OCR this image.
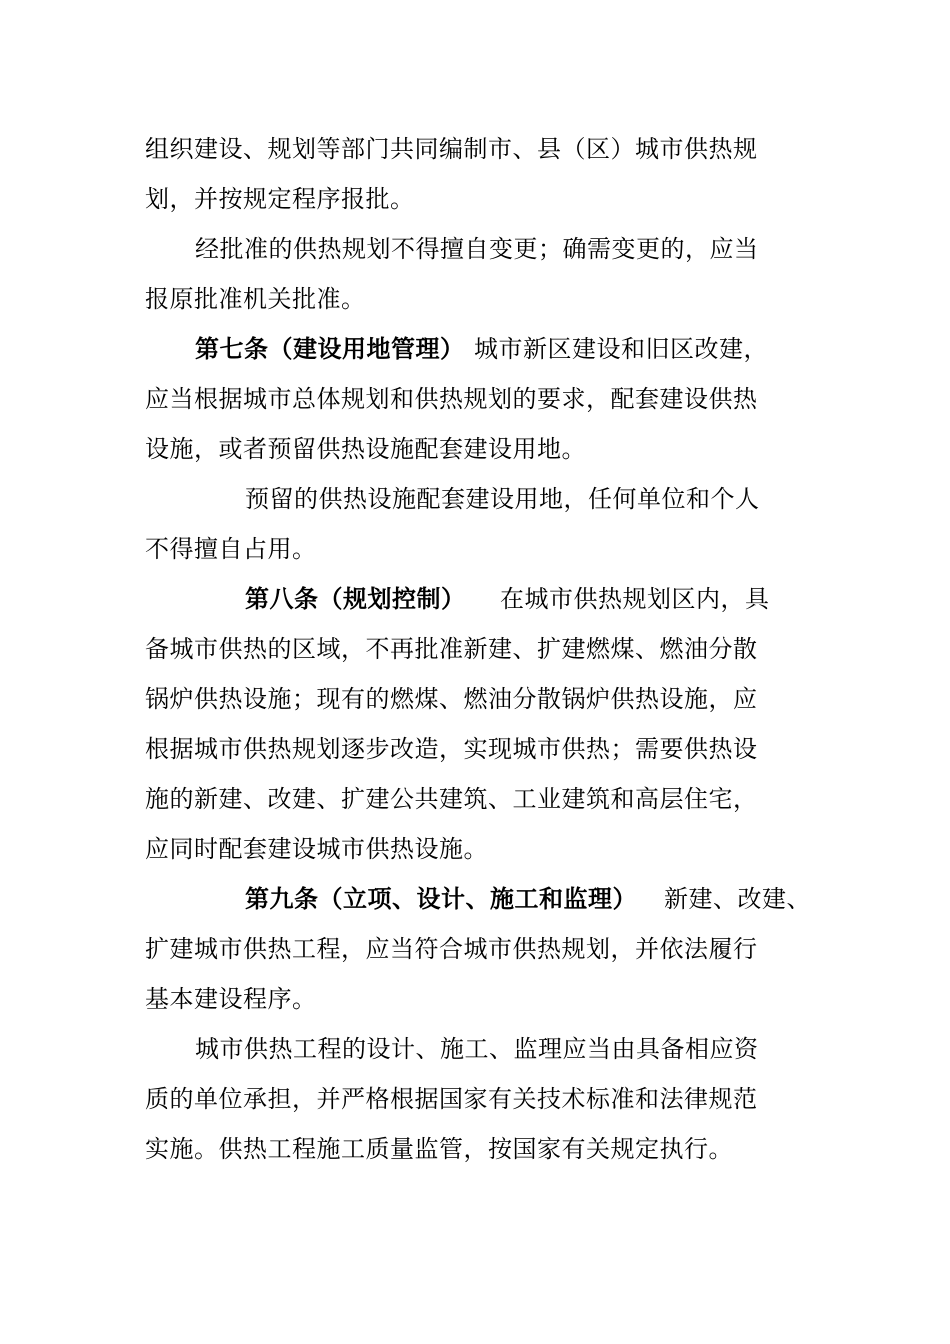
组织建设、规划等部门共同编制市、县（区）城市供热规
划，并按规定程序报批。
经批准的供热规划不得擅自变更；确需变更的，应当
报原批准机关批准。
第七条（建设用地管理） 城市新区建设和旧区改建，
应当根据城市总体规划和供热规划的要求，配套建设供热
设施，或者预留供热设施配套建设用地。
预留的供热设施配套建设用地，任何单位和个人
不得擅自占用。
第八条（规划控制） 在城市供热规划区内，具
备城市供热的区域，不再批准新建、扩建燃煤、燃油分散
锅炉供热设施；现有的燃煤、燃油分散锅炉供热设施，应
根据城市供热规划逐步改造，实现城市供热；需要供热设
施的新建、改建、扩建公共建筑、工业建筑和高层住宅，
应同时配套建设城市供热设施。
第九条（立项、设计、施工和监理） 新建、改建、
扩建城市供热工程，应当符合城市供热规划，并依法履行
基本建设程序。
城市供热工程的设计、施工、监理应当由具备相应资
质的单位承担，并严格根据国家有关技术标准和法律规范
实施。供热工程施工质量监管，按国家有关规定执行。
